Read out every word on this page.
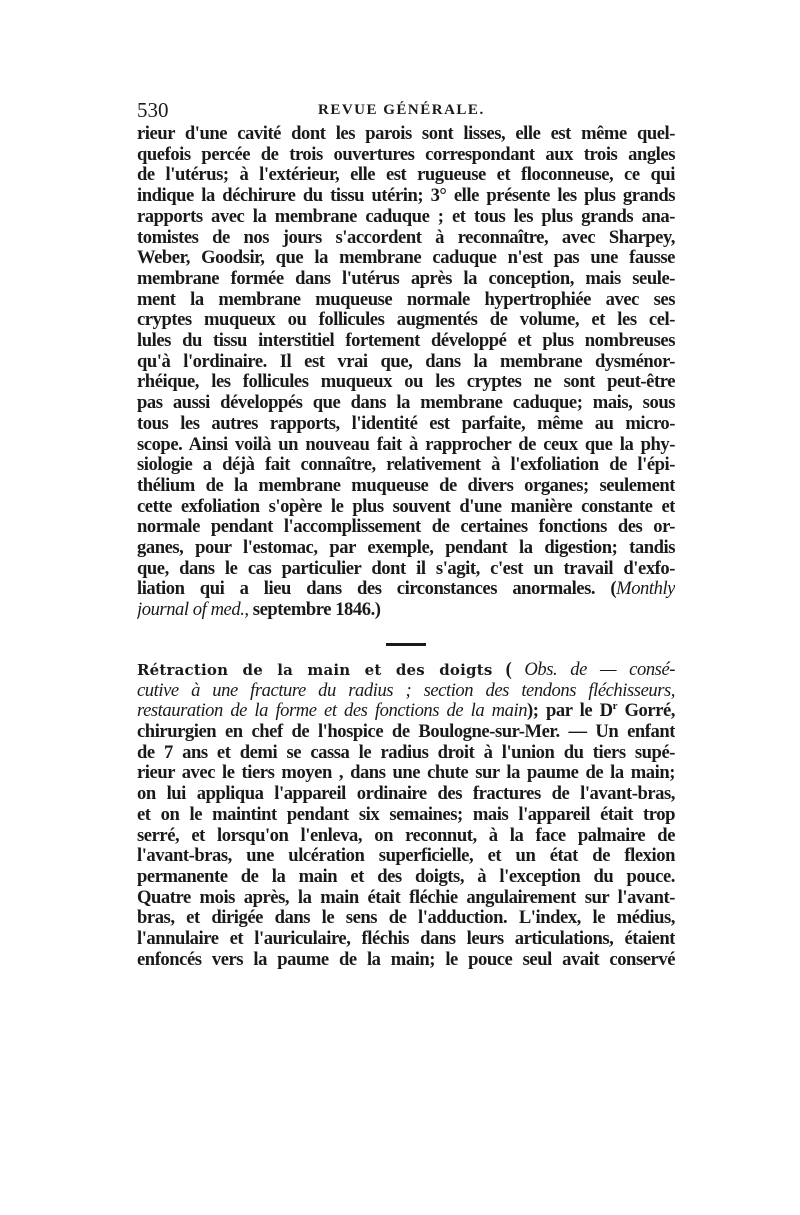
530	REVUE GÉNÉRALE.
rieur d'une cavité dont les parois sont lisses, elle est même quel-
quefois percée de trois ouvertures correspondant aux trois angles
de l'utérus; à l'extérieur, elle est rugueuse et floconneuse, ce qui
indique la déchirure du tissu utérin; 3° elle présente les plus grands
rapports avec la membrane caduque ; et tous les plus grands ana-
tomistes de nos jours s'accordent à reconnaître, avec Sharpey,
Weber, Goodsir, que la membrane caduque n'est pas une fausse
membrane formée dans l'utérus après la conception, mais seule-
ment la membrane muqueuse normale hypertrophiée avec ses
cryptes muqueux ou follicules augmentés de volume, et les cel-
lules du tissu interstitiel fortement développé et plus nombreuses
qu'à l'ordinaire. Il est vrai que, dans la membrane dysménor-
rhéique, les follicules muqueux ou les cryptes ne sont peut-être
pas aussi développés que dans la membrane caduque; mais, sous
tous les autres rapports, l'identité est parfaite, même au micro-
scope. Ainsi voilà un nouveau fait à rapprocher de ceux que la phy-
siologie a déjà fait connaître, relativement à l'exfoliation de l'épi-
thélium de la membrane muqueuse de divers organes; seulement
cette exfoliation s'opère le plus souvent d'une manière constante et
normale pendant l'accomplissement de certaines fonctions des or-
ganes, pour l'estomac, par exemple, pendant la digestion; tandis
que, dans le cas particulier dont il s'agit, c'est un travail d'exfo-
liation qui a lieu dans des circonstances anormales. (Monthly
journal of med., septembre 1846.)
Rétraction de la main et des doigts ( Obs. de — consé-
cutive à une fracture du radius ; section des tendons fléchisseurs,
restauration de la forme et des fonctions de la main); par le $D^r$ Gorré,
chirurgien en chef de l'hospice de Boulogne-sur-Mer. — Un enfant
de 7 ans et demi se cassa le radius droit à l'union du tiers supé-
rieur avec le tiers moyen , dans une chute sur la paume de la main;
on lui appliqua l'appareil ordinaire des fractures de l'avant-bras,
et on le maintint pendant six semaines; mais l'appareil était trop
serré, et lorsqu'on l'enleva, on reconnut, à la face palmaire de
l'avant-bras, une ulcération superficielle, et un état de flexion
permanente de la main et des doigts, à l'exception du pouce.
Quatre mois après, la main était fléchie angulairement sur l'avant-
bras, et dirigée dans le sens de l'adduction. L'index, le médius,
l'annulaire et l'auriculaire, fléchis dans leurs articulations, étaient
enfoncés vers la paume de la main; le pouce seul avait conservé
